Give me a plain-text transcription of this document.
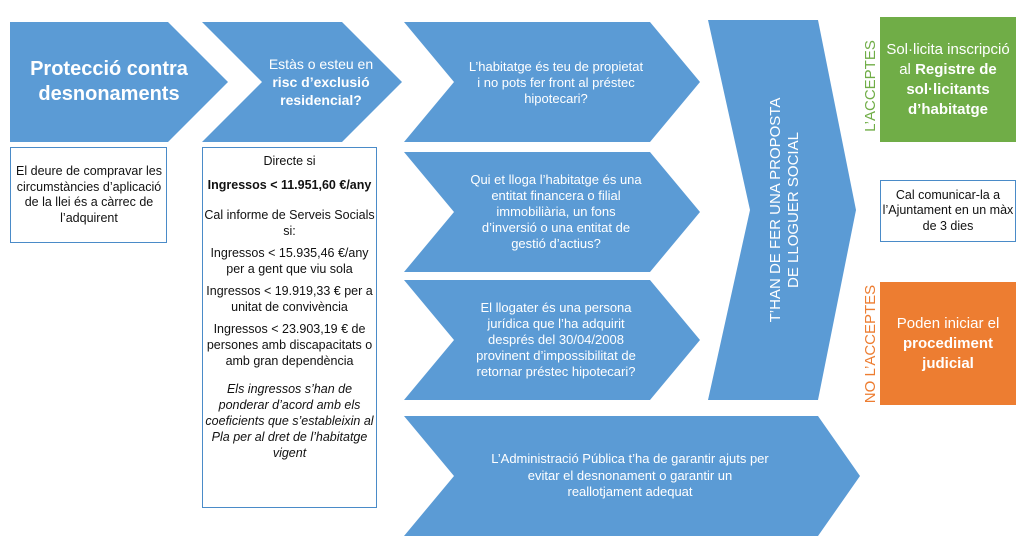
Protecció contra desnonaments
El deure de compravar les circumstàncies d’aplicació de la llei és a càrrec de l’adquirent

Estàs o esteu en risc d’exclusió residencial?

Directe si

Ingressos < 11.951,60 €/any

Cal informe de Serveis Socials si:

Ingressos < 15.935,46 €/any per a gent que viu sola

Ingressos < 19.919,33 € per a unitat de convivència

Ingressos < 23.903,19 € de persones amb discapacitats o amb gran dependència

Els ingressos s’han de ponderar d’acord amb els coeficients que s’estableixin al Pla per al dret de l’habitatge vigent

L’habitatge és teu de propietat i no pots fer front al préstec hipotecari?
Qui et lloga l’habitatge és una entitat financera o filial immobiliària, un fons d’inversió o una entitat de gestió d’actius?
El llogater és una persona jurídica que l’ha adquirit després del 30/04/2008 provinent d’impossibilitat de retornar préstec hipotecari?
L’Administració Pública t’ha de garantir ajuts per evitar el desnonament o garantir un reallotjament adequat
T’HAN DE FER UNA PROPOSTA DE LLOGUER SOCIAL
L’ACCEPTES
NO L’ACCEPTES

Sol·licita inscripció al Registre de sol·licitants d’habitatge

Cal comunicar-la a l’Ajuntament en un màx de 3 dies

Poden iniciar el procediment judicial
